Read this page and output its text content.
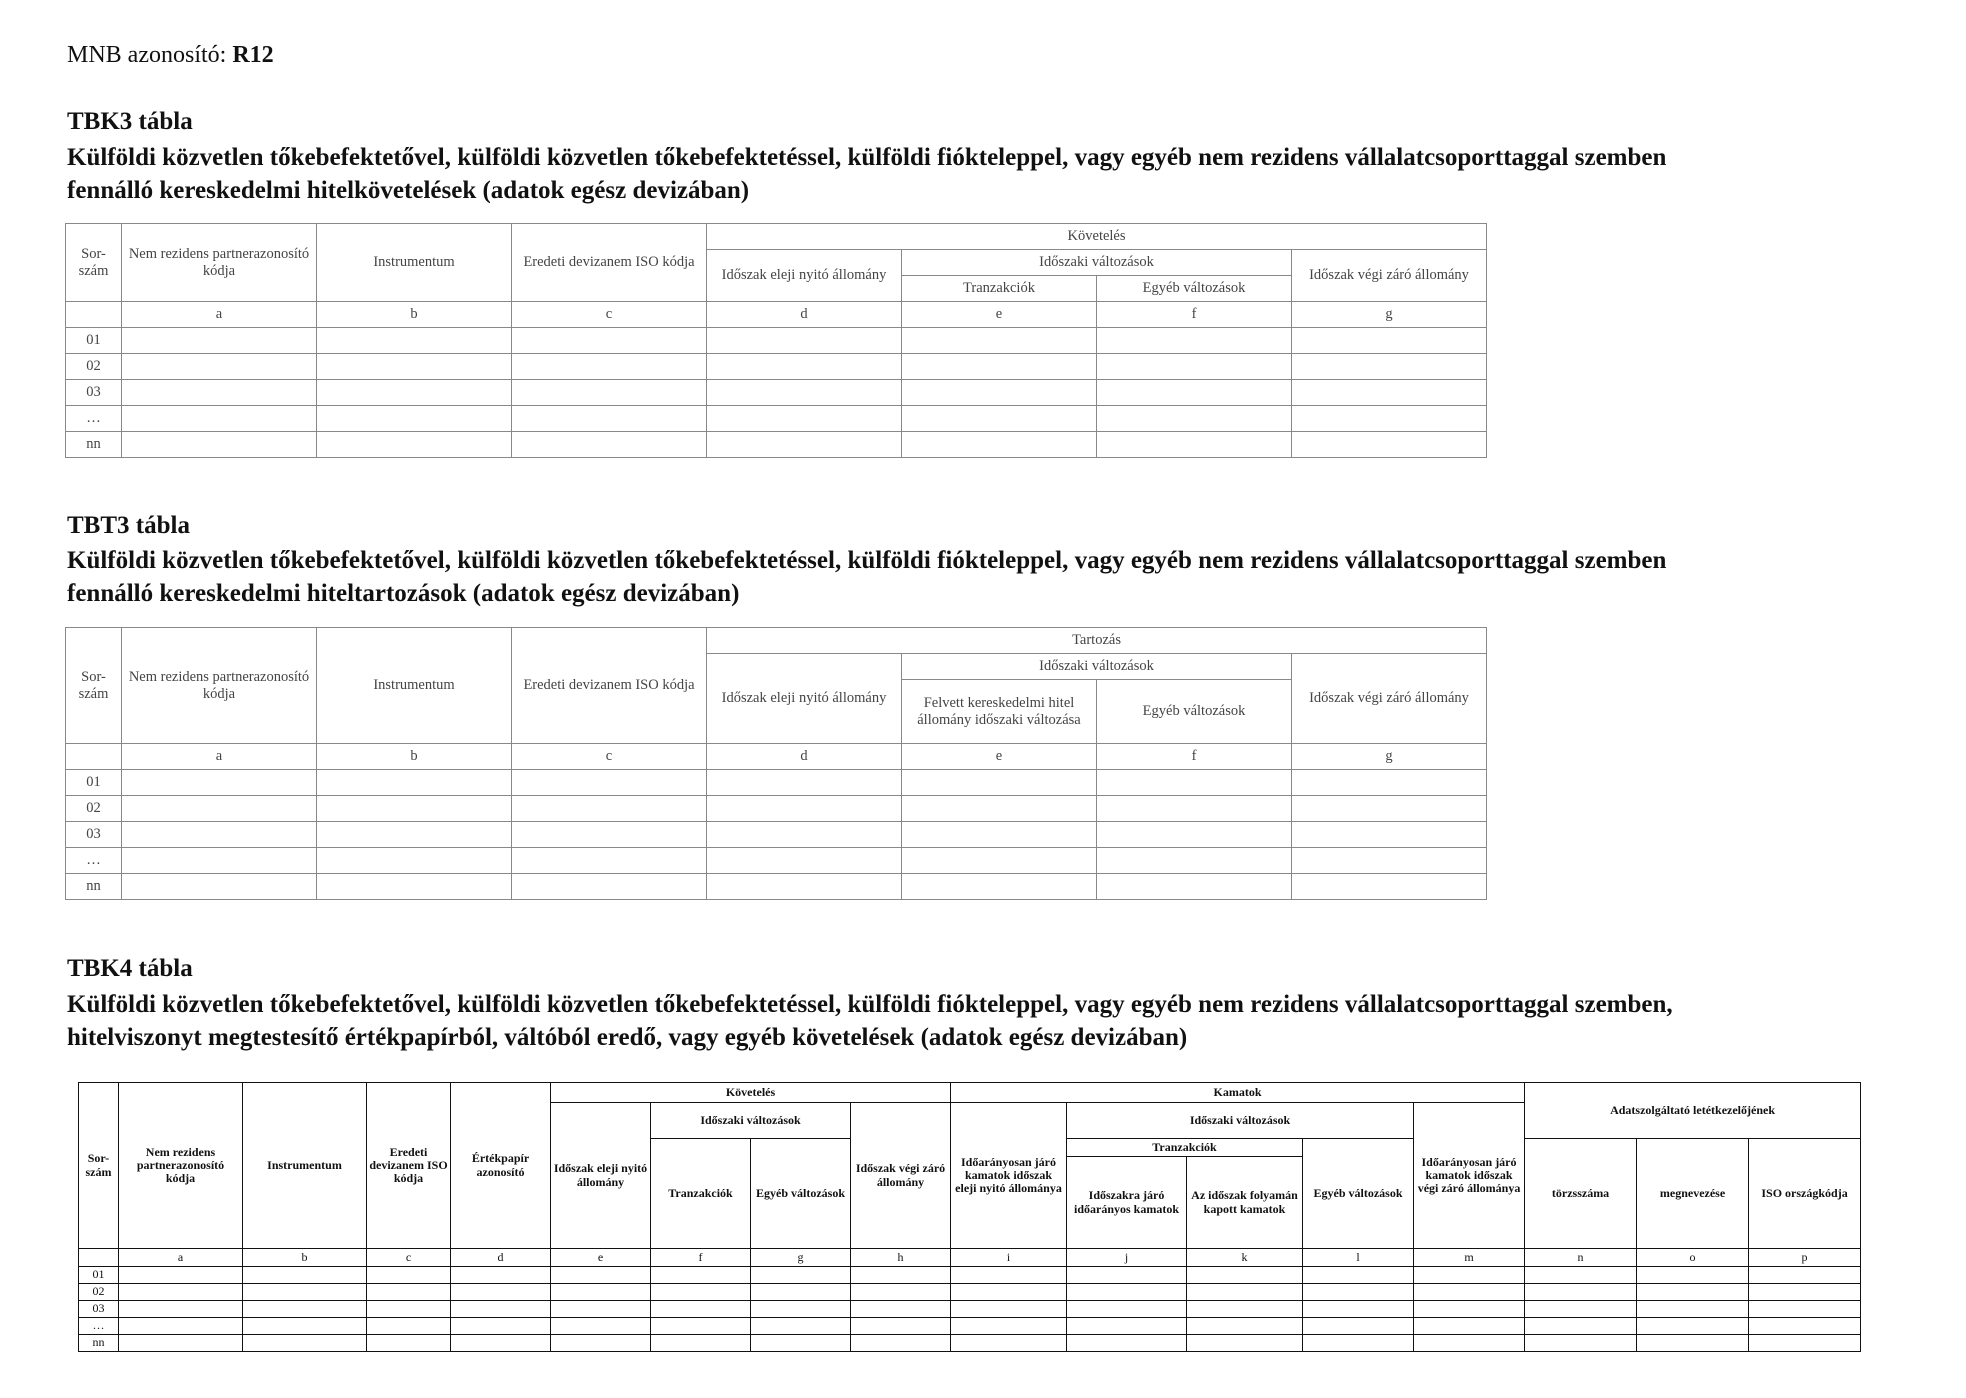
MNB azonosító: R12
TBK3 tábla
Külföldi közvetlen tőkebefektetővel, külföldi közvetlen tőkebefektetéssel, külföldi fiókteleppel, vagy egyéb nem rezidens vállalatcsoporttaggal szemben
fennálló kereskedelmi hitelkövetelések (adatok egész devizában)
Sor-szám	Nem rezidens partnerazonosító kódja	Instrumentum	Eredeti devizanem ISO kódja	Követelés			
				Időszak eleji nyitó állomány	Időszaki változások		Időszak végi záró állomány
					Tranzakciók	Egyéb változások	
	a	b	c	d	e	f	g
01							
02							
03							
…							
nn							
TBT3 tábla
Külföldi közvetlen tőkebefektetővel, külföldi közvetlen tőkebefektetéssel, külföldi fiókteleppel, vagy egyéb nem rezidens vállalatcsoporttaggal szemben
fennálló kereskedelmi hiteltartozások (adatok egész devizában)
Sor-szám	Nem rezidens partnerazonosító kódja	Instrumentum	Eredeti devizanem ISO kódja	Tartozás			
				Időszak eleji nyitó állomány	Időszaki változások		Időszak végi záró állomány
					Felvett kereskedelmi hitel állomány időszaki változása	Egyéb változások	
	a	b	c	d	e	f	g
01							
02							
03							
…							
nn							
TBK4 tábla
Külföldi közvetlen tőkebefektetővel, külföldi közvetlen tőkebefektetéssel, külföldi fiókteleppel, vagy egyéb nem rezidens vállalatcsoporttaggal szemben,
hitelviszonyt megtestesítő értékpapírból, váltóból eredő, vagy egyéb követelések (adatok egész devizában)
Sor-szám	Nem rezidens partnerazonosító kódja	Instrumentum	Eredeti devizanem ISO kódja	Értékpapír azonosító	Követelés				Kamatok					Adatszolgáltató letétkezelőjének		
					Időszak eleji nyitó állomány	Időszaki változások		Időszak végi záró állomány	Időarányosan járó kamatok időszak eleji nyitó állománya	Időszaki változások			Időarányosan járó kamatok időszak végi záró állománya			
						Tranzakciók	Egyéb változások			Tranzakciók		Egyéb változások		törzsszáma	megnevezése	ISO országkódja
										Időszakra járó időarányos kamatok	Az időszak folyamán kapott kamatok					
	a	b	c	d	e	f	g	h	i	j	k	l	m	n	o	p
01																
02																
03																
…																
nn																
